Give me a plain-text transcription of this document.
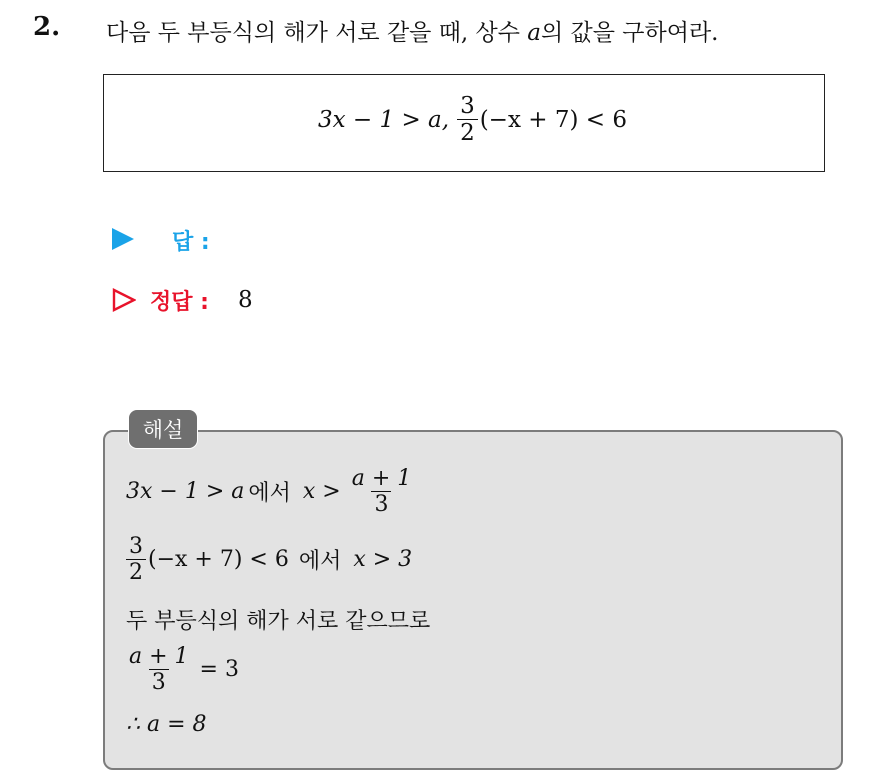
2. 다음 두 부등식의 해가 서로 같을 때, 상수 a의 값을 구하여라.
3x − 1 > a, $\frac{3}{2} (-x + 7) < 6$
답 :
정답 : 8
해설
3x − 1 > a 에서 $x > \frac{a + 1}{3}$
$\frac{3}{2} (-x + 7) < 6$ 에서 x > 3
두 부등식의 해가 서로 같으므로
$\frac{a + 1}{3} = 3$
∴ a = 8
